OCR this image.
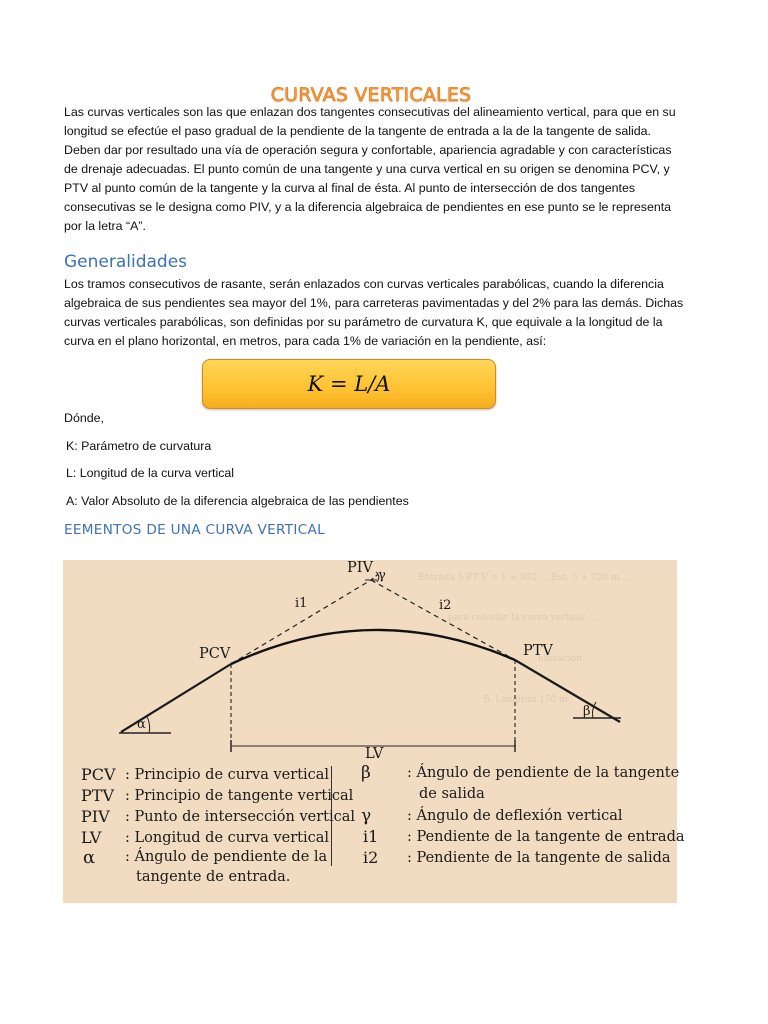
CURVAS VERTICALES

Las curvas verticales son las que enlazan dos tangentes consecutivas del alineamiento vertical, para que en su longitud se efectúe el paso gradual de la pendiente de la tangente de entrada a la de la tangente de salida. Deben dar por resultado una vía de operación segura y confortable, apariencia agradable y con características de drenaje adecuadas. El punto común de una tangente y una curva vertical en su origen se denomina PCV, y PTV al punto común de la tangente y la curva al final de ésta. Al punto de intersección de dos tangentes consecutivas se le designa como PIV, y a la diferencia algebraica de pendientes en ese punto se le representa por la letra “A”.

Generalidades

Los tramos consecutivos de rasante, serán enlazados con curvas verticales parabólicas, cuando la diferencia algebraica de sus pendientes sea mayor del 1%, para carreteras pavimentadas y del 2% para las demás. Dichas curvas verticales parabólicas, son definidas por su parámetro de curvatura K, que equivale a la longitud de la curva en el plano horizontal, en metros, para cada 1% de variación en la pendiente, así:

K = L/A

Dónde,

K: Parámetro de curvatura

L: Longitud de la curva vertical

A: Valor Absoluto de la diferencia algebraica de las pendientes

EEMENTOS DE UNA CURVA VERTICAL
Entrada 5 PT V = 1 + 392 ... Est. 5 + 720 m ...
para calcular la curva vertical ...
ubicación
B. Longitud 150 m
PIV γ
i1	i2
PCV	PTV
α
β
LV
PCV : Principio de curva vertical
PTV : Principio de tangente vertical
PIV : Punto de intersección vertical
LV : Longitud de curva vertical
α : Ángulo de pendiente de la
tangente de entrada.
β : Ángulo de pendiente de la tangente
de salida
γ : Ángulo de deflexión vertical
i1 : Pendiente de la tangente de entrada
i2 : Pendiente de la tangente de salida
